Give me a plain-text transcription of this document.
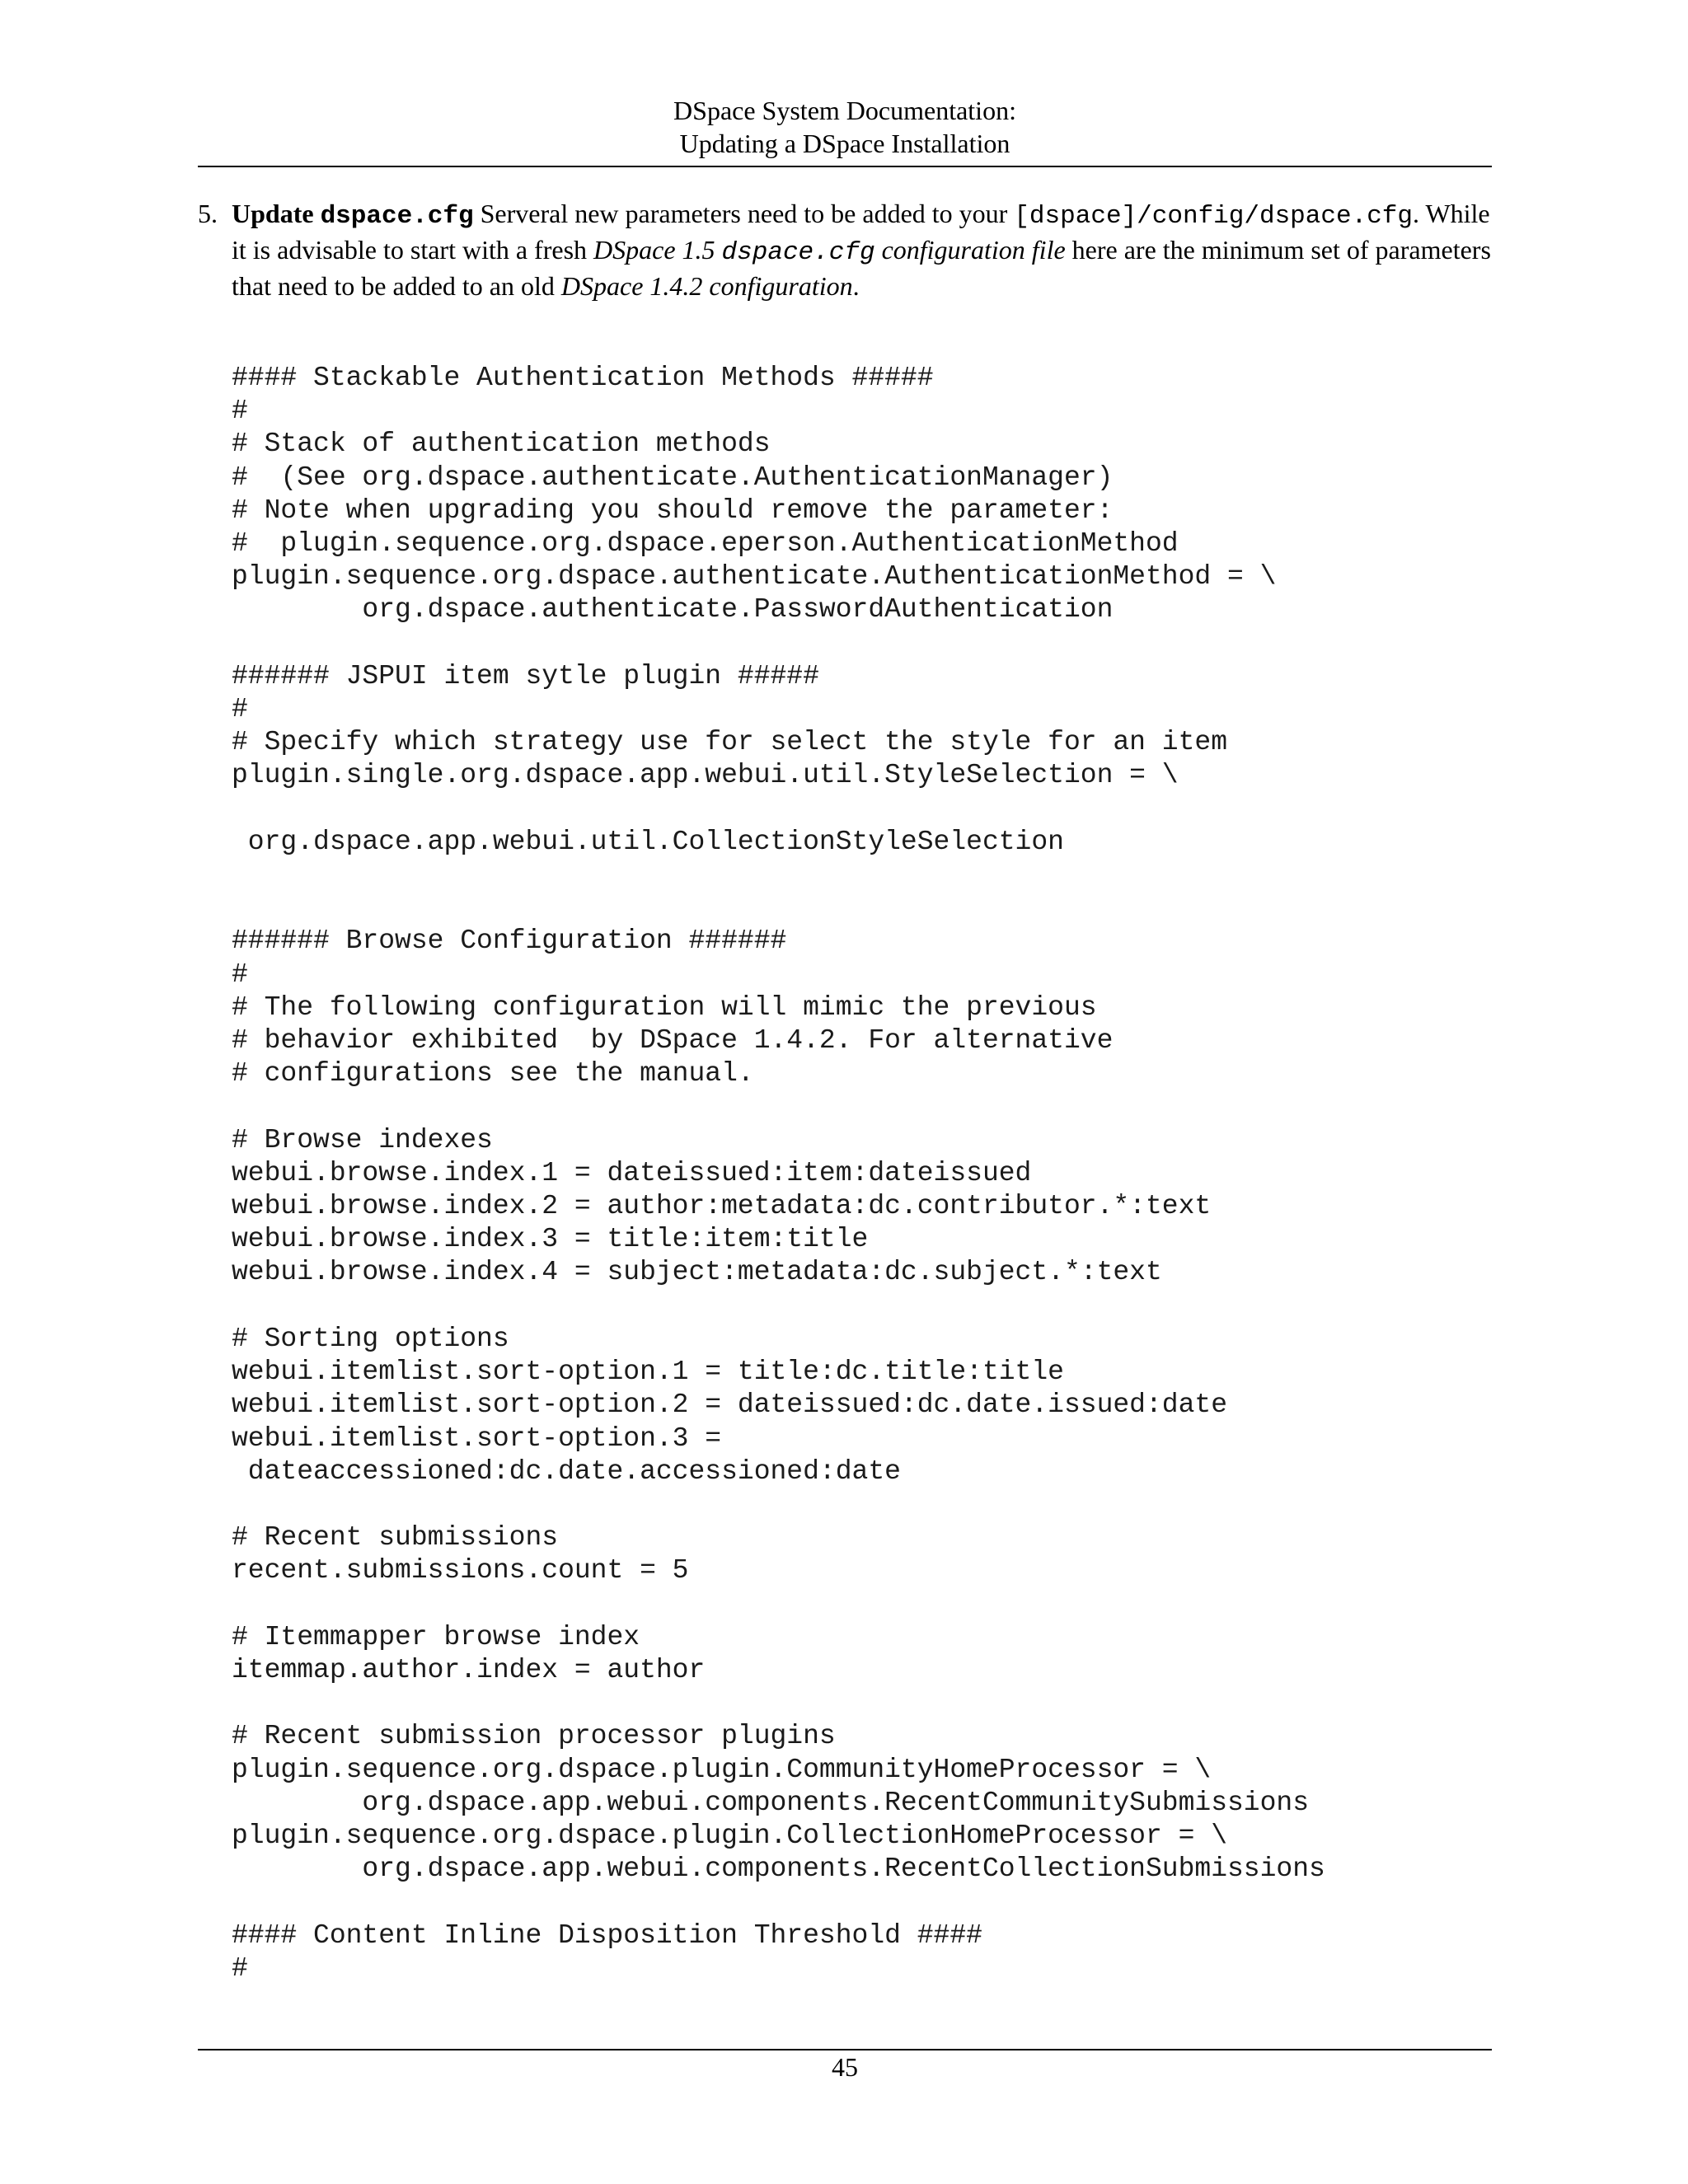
DSpace System Documentation:
Updating a DSpace Installation
5. Update dspace.cfg Serveral new parameters need to be added to your [dspace]/config/dspace.cfg. While it is advisable to start with a fresh DSpace 1.5 dspace.cfg configuration file here are the minimum set of parameters that need to be added to an old DSpace 1.4.2 configuration.
#### Stackable Authentication Methods #####
#
# Stack of authentication methods
#  (See org.dspace.authenticate.AuthenticationManager)
# Note when upgrading you should remove the parameter:
#  plugin.sequence.org.dspace.eperson.AuthenticationMethod
plugin.sequence.org.dspace.authenticate.AuthenticationMethod = \
org.dspace.authenticate.PasswordAuthentication

###### JSPUI item sytle plugin #####
#
# Specify which strategy use for select the style for an item
plugin.single.org.dspace.app.webui.util.StyleSelection = \

org.dspace.app.webui.util.CollectionStyleSelection

###### Browse Configuration ######
#
# The following configuration will mimic the previous
# behavior exhibited  by DSpace 1.4.2. For alternative
# configurations see the manual.

# Browse indexes
webui.browse.index.1 = dateissued:item:dateissued
webui.browse.index.2 = author:metadata:dc.contributor.*:text
webui.browse.index.3 = title:item:title
webui.browse.index.4 = subject:metadata:dc.subject.*:text

# Sorting options
webui.itemlist.sort-option.1 = title:dc.title:title
webui.itemlist.sort-option.2 = dateissued:dc.date.issued:date
webui.itemlist.sort-option.3 =
dateaccessioned:dc.date.accessioned:date

# Recent submissions
recent.submissions.count = 5

# Itemmapper browse index
itemmap.author.index = author

# Recent submission processor plugins
plugin.sequence.org.dspace.plugin.CommunityHomeProcessor = \
org.dspace.app.webui.components.RecentCommunitySubmissions
plugin.sequence.org.dspace.plugin.CollectionHomeProcessor = \
org.dspace.app.webui.components.RecentCollectionSubmissions

#### Content Inline Disposition Threshold ####
#
45
